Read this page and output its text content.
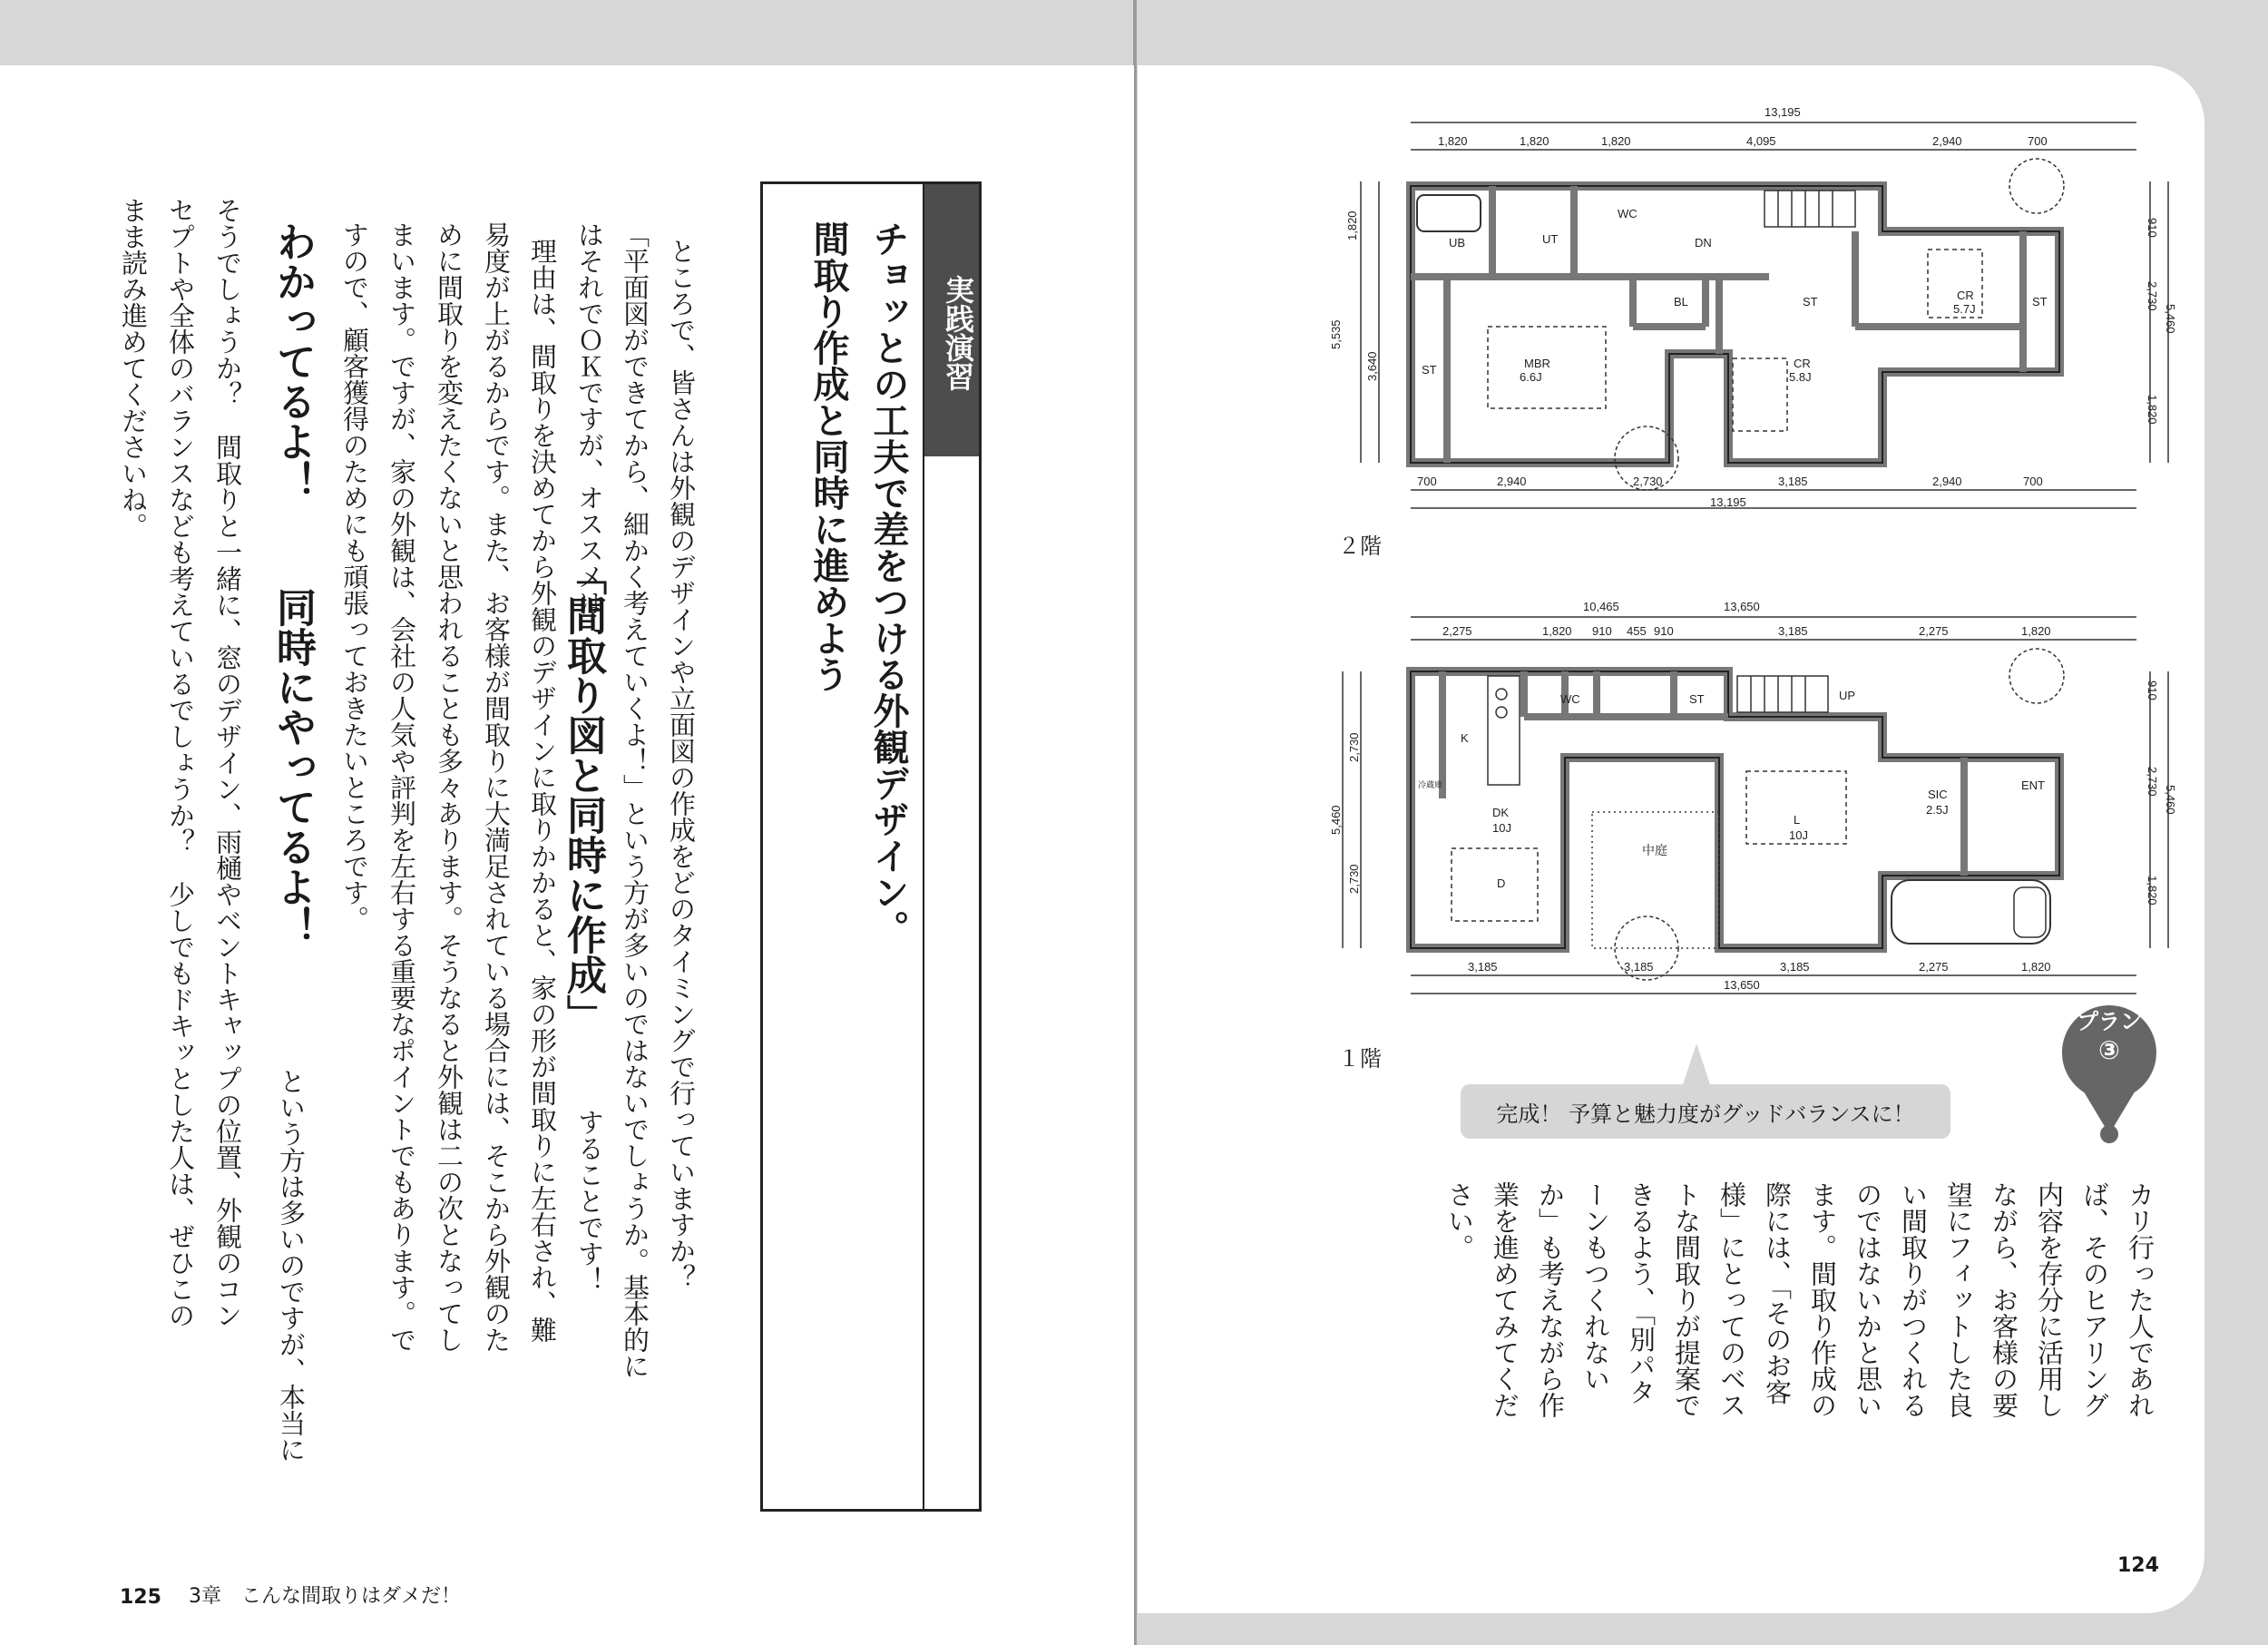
実践演習
チョッとの工夫で差をつける外観デザイン。
間取り作成と同時に進めよう
ところで、皆さんは外観のデザインや立面図の作成をどのタイミングで行っていますか？
「平面図ができてから、細かく考えていくよ！」という方が多いのではないでしょうか。基本的に
はそれでＯＫですが、オススメは
「間取り図と同時に作成」
することです！
理由は、間取りを決めてから外観のデザインに取りかかると、家の形が間取りに左右され、難
易度が上がるからです。また、お客様が間取りに大満足されている場合には、そこから外観のた
めに間取りを変えたくないと思われることも多々あります。そうなると外観は二の次となってし
まいます。ですが、家の外観は、会社の人気や評判を左右する重要なポイントでもあります。で
すので、顧客獲得のためにも頑張っておきたいところです。
わかってるよ！
同時にやってるよ！
という方は多いのですが、本当に
そうでしょうか？　間取りと一緒に、窓のデザイン、雨樋やベントキャップの位置、外観のコン
セプトや全体のバランスなども考えているでしょうか？　少しでもドキッとした人は、ぜひこの
まま読み進めてくださいね。
125 3章　こんな間取りはダメだ！
カリ行った人であれ
ば、そのヒアリング
内容を存分に活用し
ながら、お客様の要
望にフィットした良
い間取りがつくれる
のではないかと思い
ます。間取り作成の
際には、「そのお客
様」にとってのベス
トな間取りが提案で
きるよう、「別パタ
ーンもつくれない
か」も考えながら作
業を進めてみてくだ
さい。
124
13,195
1,820	1,820	1,820	4,095	2,940	700
700	2,940	2,730	3,185	2,940	700
13,195
1,820
3,640
5,535
910
2,730
1,820
5,460
UB	UT
WC
DN
BL	ST	CR
5.7J
ST
MBR
6.6J
CR
5.8J
ST
10,465	13,650
2,275	1,820 910 455 910	3,185	2,275	1,820
3,185	3,185	3,185	2,275	1,820
13,650
2,730
5,460
2,730
910
2,730
5,460
1,820
WC	ST	UP
K
冷蔵庫
DK
10J
D
中庭
L
10J
SIC
2.5J
ENT
２階
１階
完成！ 予算と魅力度がグッドバランスに！
プラン
③
